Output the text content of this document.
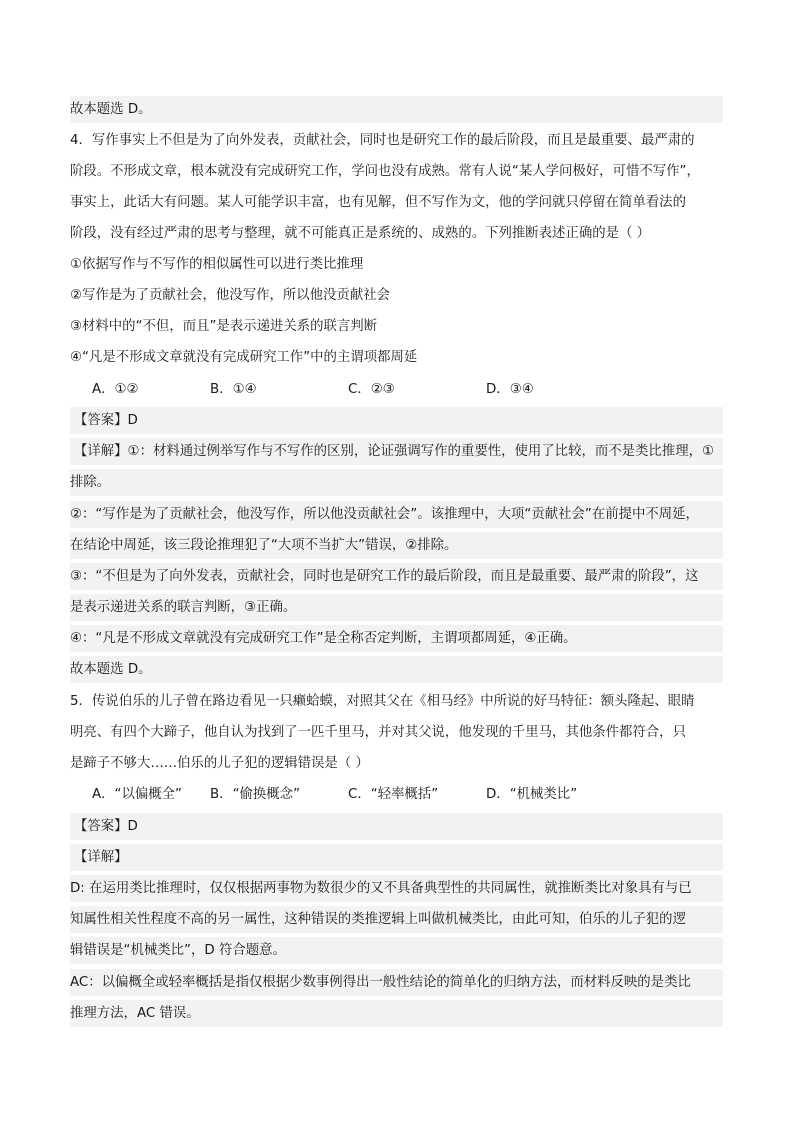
故本题选 D。
4．写作事实上不但是为了向外发表，贡献社会，同时也是研究工作的最后阶段，而且是最重要、最严肃的
阶段。不形成文章，根本就没有完成研究工作，学问也没有成熟。常有人说“某人学问极好，可惜不写作”，
事实上，此话大有问题。某人可能学识丰富，也有见解，但不写作为文，他的学问就只停留在简单看法的
阶段，没有经过严肃的思考与整理，就不可能真正是系统的、成熟的。下列推断表述正确的是（ ）
①依据写作与不写作的相似属性可以进行类比推理
②写作是为了贡献社会，他没写作，所以他没贡献社会
③材料中的“不但，而且”是表示递进关系的联言判断
④“凡是不形成文章就没有完成研究工作”中的主谓项都周延
A．①②	B．①④	C．②③	D．③④
【答案】D
【详解】①：材料通过例举写作与不写作的区别，论证强调写作的重要性，使用了比较，而不是类比推理，①
排除。
②：“写作是为了贡献社会，他没写作，所以他没贡献社会”。该推理中，大项“贡献社会”在前提中不周延，
在结论中周延，该三段论推理犯了“大项不当扩大”错误，②排除。
③：“不但是为了向外发表，贡献社会，同时也是研究工作的最后阶段，而且是最重要、最严肃的阶段”，这
是表示递进关系的联言判断，③正确。
④：“凡是不形成文章就没有完成研究工作”是全称否定判断，主谓项都周延，④正确。
故本题选 D。
5．传说伯乐的儿子曾在路边看见一只癞蛤蟆，对照其父在《相马经》中所说的好马特征：额头隆起、眼睛
明亮、有四个大蹄子，他自认为找到了一匹千里马，并对其父说，他发现的千里马，其他条件都符合，只
是蹄子不够大……伯乐的儿子犯的逻辑错误是（ ）
A．“以偏概全” B．“偷换概念”	C．“轻率概括”	D．“机械类比”
【答案】D
【详解】
D: 在运用类比推理时，仅仅根据两事物为数很少的又不具备典型性的共同属性，就推断类比对象具有与已
知属性相关性程度不高的另一属性，这种错误的类推逻辑上叫做机械类比，由此可知，伯乐的儿子犯的逻
辑错误是“机械类比”，D 符合题意。
AC：以偏概全或轻率概括是指仅根据少数事例得出一般性结论的简单化的归纳方法，而材料反映的是类比
推理方法，AC 错误。
